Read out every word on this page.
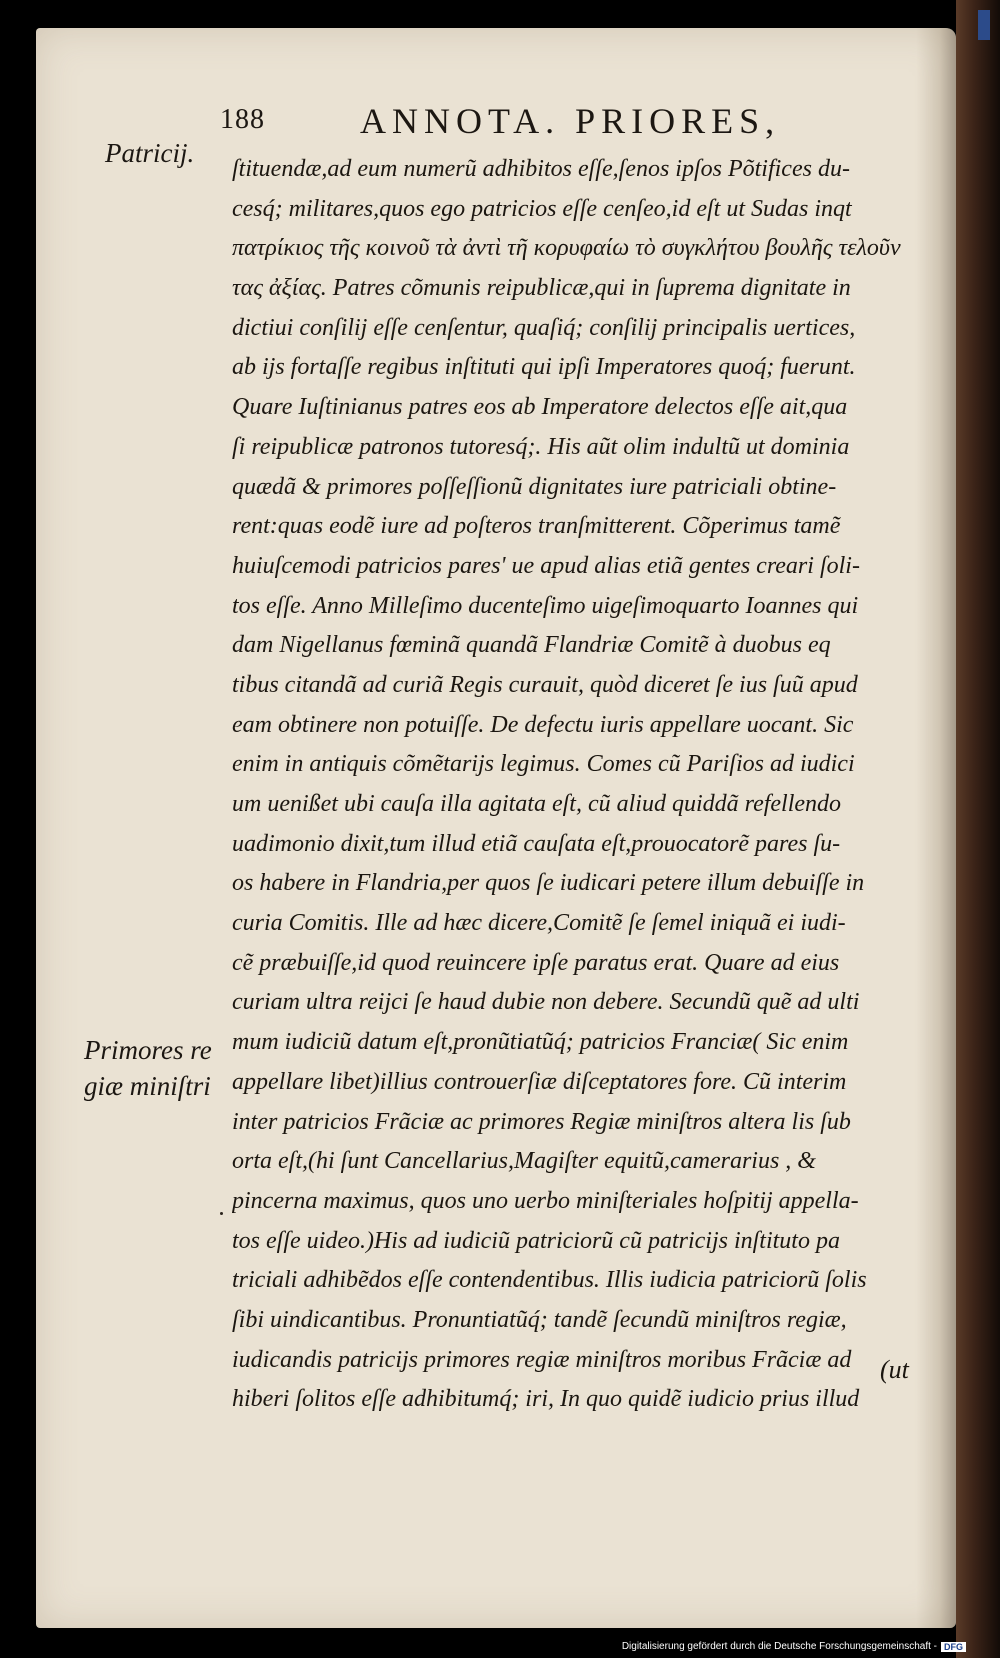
188	ANNOTA. PRIORES,
Patricij.
Primores re
giæ miniſtri
ſtituendæ,ad eum numerũ adhibitos eſſe,ſenos ipſos Põtifices du-
cesq́; militares,quos ego patricios eſſe cenſeo,id eſt ut Sudas inqt
πατρίκιος τῆς κοινοῦ τὰ ἀντὶ τῆ κορυφαίω τὸ συγκλήτου βουλῆς τελοῦν
τας ἀξίας. Patres cõmunis reipublicæ,qui in ſuprema dignitate in
dictiui conſilij eſſe cenſentur, quaſiq́; conſilij principalis uertices,
ab ijs fortaſſe regibus inſtituti qui ipſi Imperatores quoq́; fuerunt.
Quare Iuſtinianus patres eos ab Imperatore delectos eſſe ait,qua
ſi reipublicæ patronos tutoresq́;. His aũt olim indultũ ut dominia
quædã & primores poſſeſſionũ dignitates iure patriciali obtine-
rent:quas eodẽ iure ad poſteros tranſmitterent. Cõperimus tamẽ
huiuſcemodi patricios pares' ue apud alias etiã gentes creari ſoli-
tos eſſe. Anno Milleſimo ducenteſimo uigeſimoquarto Ioannes qui
dam Nigellanus fœminã quandã Flandriæ Comitẽ à duobus eq
tibus citandã ad curiã Regis curauit, quòd diceret ſe ius ſuũ apud
eam obtinere non potuiſſe. De defectu iuris appellare uocant. Sic
enim in antiquis cõmẽtarijs legimus. Comes cũ Pariſios ad iudici
um uenißet ubi cauſa illa agitata eſt, cũ aliud quiddã refellendo
uadimonio dixit,tum illud etiã cauſata eſt,prouocatorẽ pares ſu-
os habere in Flandria,per quos ſe iudicari petere illum debuiſſe in
curia Comitis. Ille ad hæc dicere,Comitẽ ſe ſemel iniquã ei iudi-
cẽ præbuiſſe,id quod reuincere ipſe paratus erat. Quare ad eius
curiam ultra reijci ſe haud dubie non debere. Secundũ quẽ ad ulti
mum iudiciũ datum eſt,pronũtiatũq́; patricios Franciæ( Sic enim
appellare libet)illius controuerſiæ diſceptatores fore. Cũ interim
inter patricios Frãciæ ac primores Regiæ miniſtros altera lis ſub
orta eſt,(hi ſunt Cancellarius,Magiſter equitũ,camerarius , &
pincerna maximus, quos uno uerbo miniſteriales hoſpitij appella-
tos eſſe uideo.)His ad iudiciũ patriciorũ cũ patricijs inſtituto pa
triciali adhibẽdos eſſe contendentibus. Illis iudicia patriciorũ ſolis
ſibi uindicantibus. Pronuntiatũq́; tandẽ ſecundũ miniſtros regiæ,
iudicandis patricijs primores regiæ miniſtros moribus Frãciæ ad
hiberi ſolitos eſſe adhibitumq́; iri, In quo quidẽ iudicio prius illud
(ut
Digitalisierung gefördert durch die Deutsche Forschungsgemeinschaft - DFG
